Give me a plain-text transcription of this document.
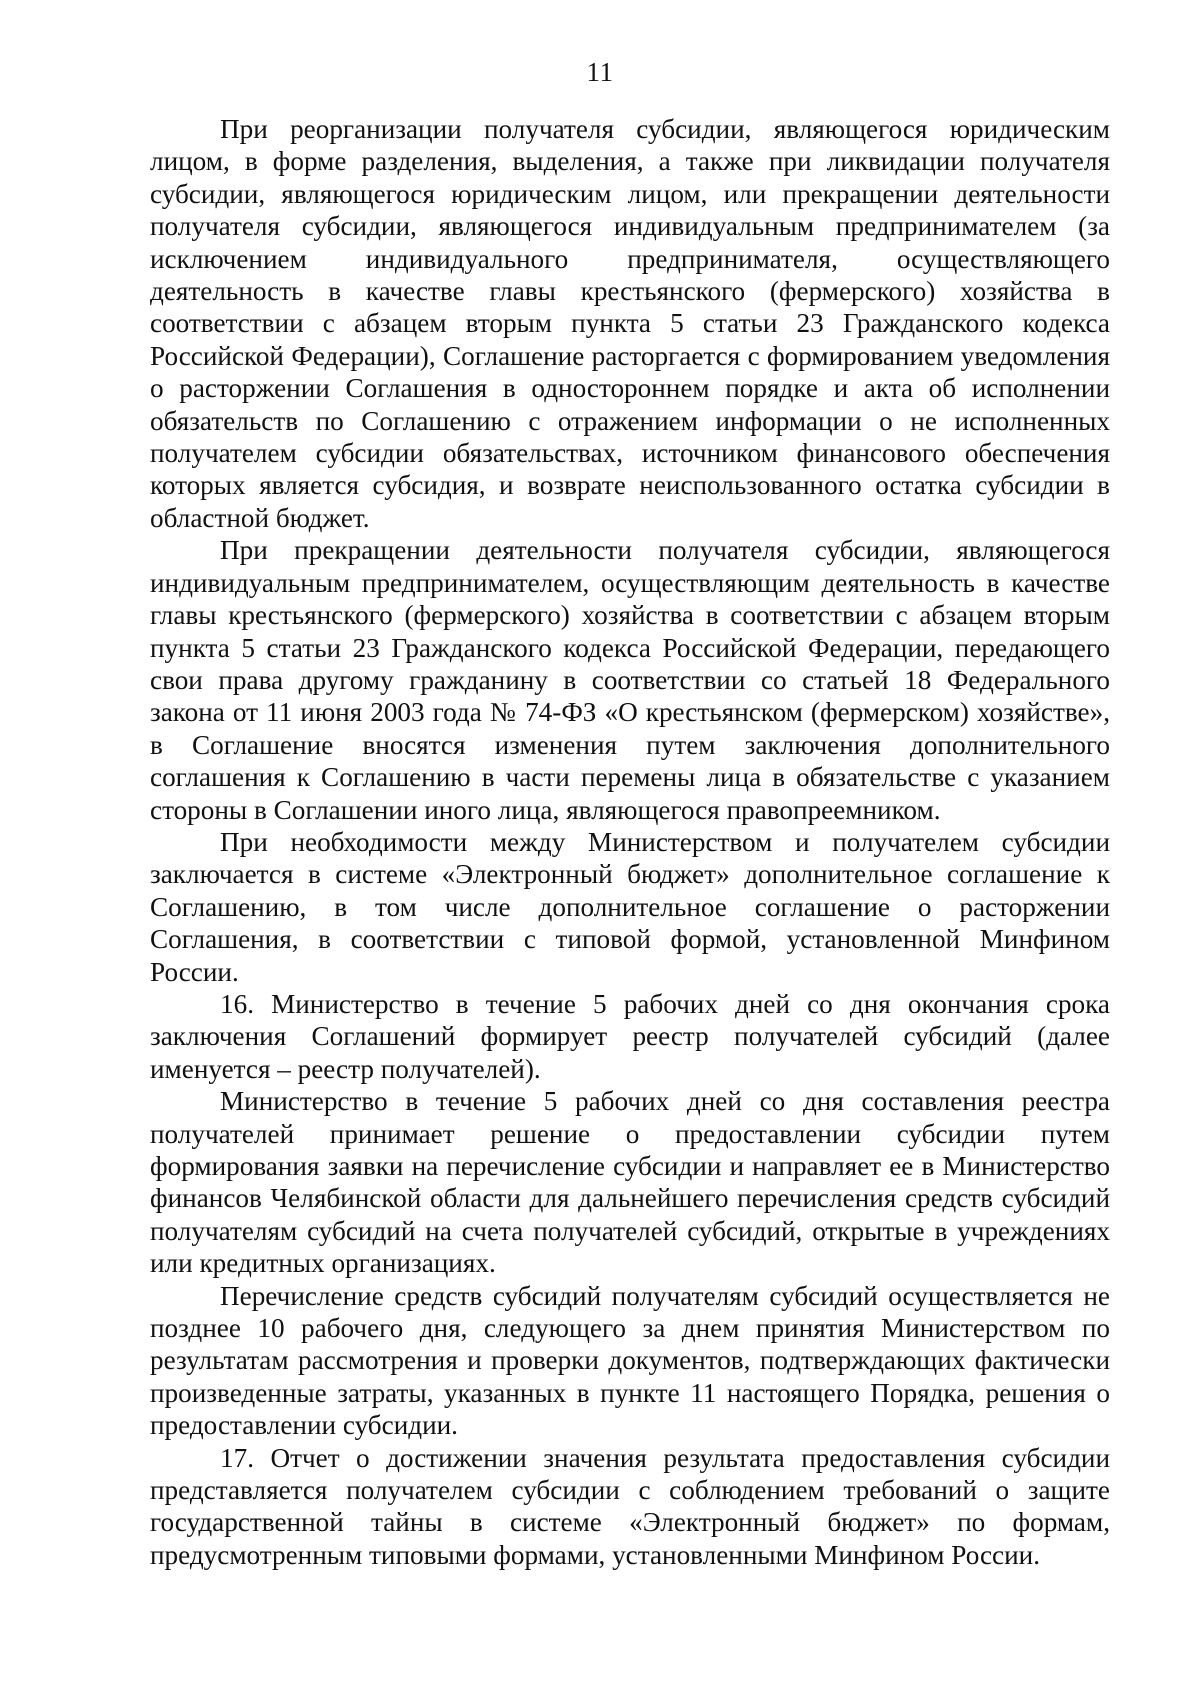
11

При реорганизации получателя субсидии, являющегося юридическим лицом, в форме разделения, выделения, а также при ликвидации получателя субсидии, являющегося юридическим лицом, или прекращении деятельности получателя субсидии, являющегося индивидуальным предпринимателем (за исключением индивидуального предпринимателя, осуществляющего деятельность в качестве главы крестьянского (фермерского) хозяйства в соответствии с абзацем вторым пункта 5 статьи 23 Гражданского кодекса Российской Федерации), Соглашение расторгается с формированием уведомления о расторжении Соглашения в одностороннем порядке и акта об исполнении обязательств по Соглашению с отражением информации о не исполненных получателем субсидии обязательствах, источником финансового обеспечения которых является субсидия, и возврате неиспользованного остатка субсидии в областной бюджет.

При прекращении деятельности получателя субсидии, являющегося индивидуальным предпринимателем, осуществляющим деятельность в качестве главы крестьянского (фермерского) хозяйства в соответствии с абзацем вторым пункта 5 статьи 23 Гражданского кодекса Российской Федерации, передающего свои права другому гражданину в соответствии со статьей 18 Федерального закона от 11 июня 2003 года № 74-ФЗ «О крестьянском (фермерском) хозяйстве», в Соглашение вносятся изменения путем заключения дополнительного соглашения к Соглашению в части перемены лица в обязательстве с указанием стороны в Соглашении иного лица, являющегося правопреемником.

При необходимости между Министерством и получателем субсидии заключается в системе «Электронный бюджет» дополнительное соглашение к Соглашению, в том числе дополнительное соглашение о расторжении Соглашения, в соответствии с типовой формой, установленной Минфином России.

16. Министерство в течение 5 рабочих дней со дня окончания срока заключения Соглашений формирует реестр получателей субсидий (далее именуется – реестр получателей).

Министерство в течение 5 рабочих дней со дня составления реестра получателей принимает решение о предоставлении субсидии путем формирования заявки на перечисление субсидии и направляет ее в Министерство финансов Челябинской области для дальнейшего перечисления средств субсидий получателям субсидий на счета получателей субсидий, открытые в учреждениях или кредитных организациях.

Перечисление средств субсидий получателям субсидий осуществляется не позднее 10 рабочего дня, следующего за днем принятия Министерством по результатам рассмотрения и проверки документов, подтверждающих фактически произведенные затраты, указанных в пункте 11 настоящего Порядка, решения о предоставлении субсидии.

17. Отчет о достижении значения результата предоставления субсидии представляется получателем субсидии с соблюдением требований о защите государственной тайны в системе «Электронный бюджет» по формам, предусмотренным типовыми формами, установленными Минфином России.
